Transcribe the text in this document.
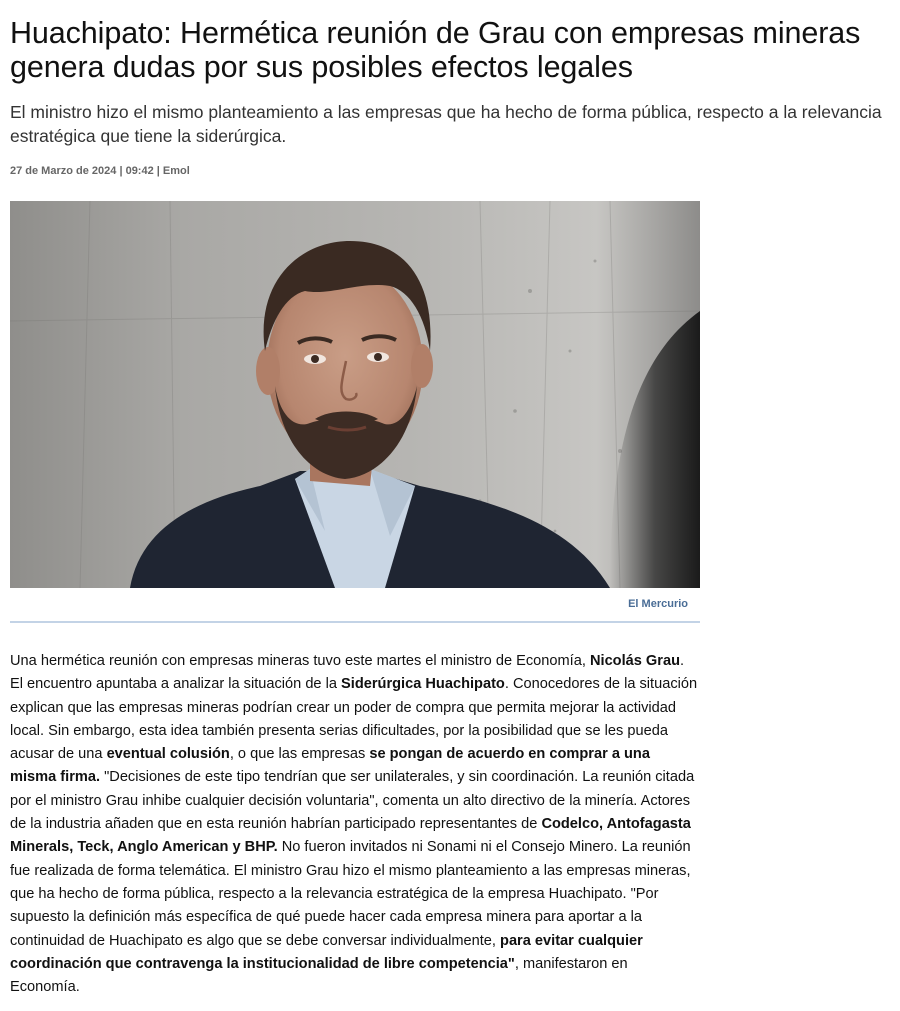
Huachipato: Hermética reunión de Grau con empresas mineras genera dudas por sus posibles efectos legales

El ministro hizo el mismo planteamiento a las empresas que ha hecho de forma pública, respecto a la relevancia estratégica que tiene la siderúrgica.

27 de Marzo de 2024 | 09:42 | Emol
El Mercurio

Una hermética reunión con empresas mineras tuvo este martes el ministro de Economía, Nicolás Grau. El encuentro apuntaba a analizar la situación de la Siderúrgica Huachipato. Conocedores de la situación explican que las empresas mineras podrían crear un poder de compra que permita mejorar la actividad local. Sin embargo, esta idea también presenta serias dificultades, por la posibilidad que se les pueda acusar de una eventual colusión, o que las empresas se pongan de acuerdo en comprar a una misma firma. "Decisiones de este tipo tendrían que ser unilaterales, y sin coordinación. La reunión citada por el ministro Grau inhibe cualquier decisión voluntaria", comenta un alto directivo de la minería. Actores de la industria añaden que en esta reunión habrían participado representantes de Codelco, Antofagasta Minerals, Teck, Anglo American y BHP. No fueron invitados ni Sonami ni el Consejo Minero. La reunión fue realizada de forma telemática. El ministro Grau hizo el mismo planteamiento a las empresas mineras, que ha hecho de forma pública, respecto a la relevancia estratégica de la empresa Huachipato. "Por supuesto la definición más específica de qué puede hacer cada empresa minera para aportar a la continuidad de Huachipato es algo que se debe conversar individualmente, para evitar cualquier coordinación que contravenga la institucionalidad de libre competencia", manifestaron en Economía.
